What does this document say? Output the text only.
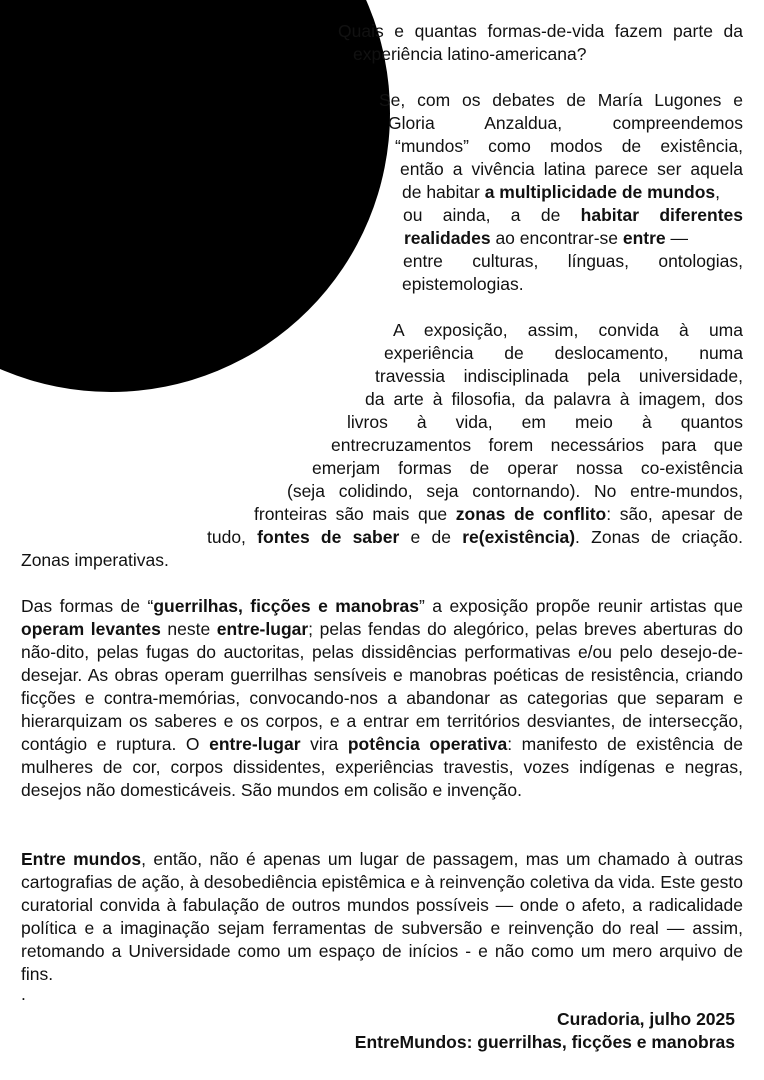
Quais e quantas formas-de-vida fazem parte da
experiência latino-americana?
Se, com os debates de María Lugones e
Gloria Anzaldua, compreendemos
“mundos” como modos de existência,
então a vivência latina parece ser aquela
de habitar a multiplicidade de mundos,
ou ainda, a de habitar diferentes
realidades ao encontrar-se entre —
entre culturas, línguas, ontologias,
epistemologias.
A exposição, assim, convida à uma
experiência de deslocamento, numa
travessia indisciplinada pela universidade,
da arte à filosofia, da palavra à imagem, dos
livros à vida, em meio à quantos
entrecruzamentos forem necessários para que
emerjam formas de operar nossa co-existência
(seja colidindo, seja contornando). No entre-mundos,
fronteiras são mais que zonas de conflito: são, apesar de
tudo, fontes de saber e de re(existência). Zonas de criação.
Zonas imperativas.
Das formas de “guerrilhas, ficções e manobras” a exposição propõe reunir artistas que operam levantes neste entre-lugar; pelas fendas do alegórico, pelas breves aberturas do não-dito, pelas fugas do auctoritas, pelas dissidências performativas e/ou pelo desejo-de-desejar. As obras operam guerrilhas sensíveis e manobras poéticas de resistência, criando ficções e contra-memórias, convocando-nos a abandonar as categorias que separam e hierarquizam os saberes e os corpos, e a entrar em territórios desviantes, de intersecção, contágio e ruptura. O entre-lugar vira potência operativa: manifesto de existência de mulheres de cor, corpos dissidentes, experiências travestis, vozes indígenas e negras, desejos não domesticáveis. São mundos em colisão e invenção.
Entre mundos, então, não é apenas um lugar de passagem, mas um chamado à outras cartografias de ação, à desobediência epistêmica e à reinvenção coletiva da vida. Este gesto curatorial convida à fabulação de outros mundos possíveis — onde o afeto, a radicalidade política e a imaginação sejam ferramentas de subversão e reinvenção do real — assim, retomando a Universidade como um espaço de inícios - e não como um mero arquivo de fins.
.
Curadoria, julho 2025
EntreMundos: guerrilhas, ficções e manobras
